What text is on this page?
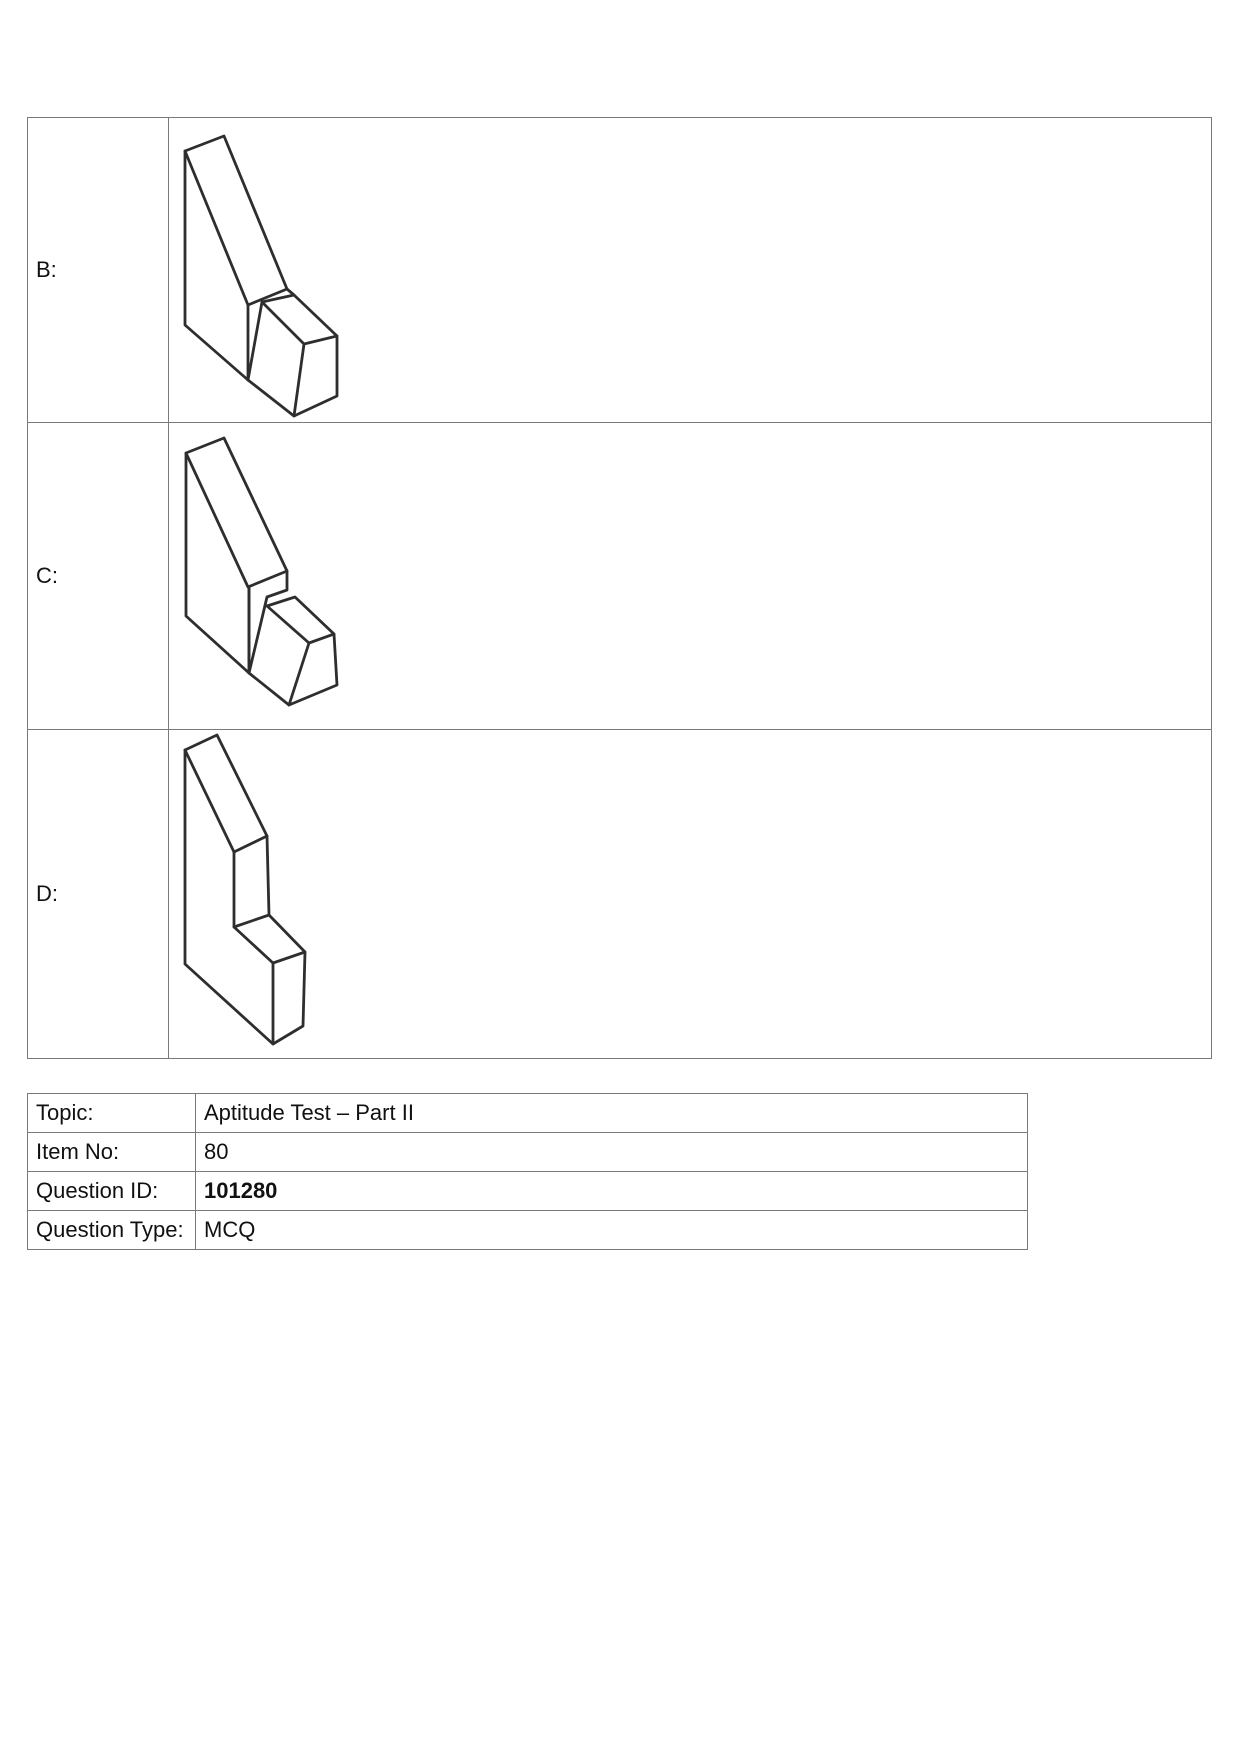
B:	

C:	

D:	
Topic:	Aptitude Test – Part II
Item No:	80
Question ID:	101280
Question Type:	MCQ
